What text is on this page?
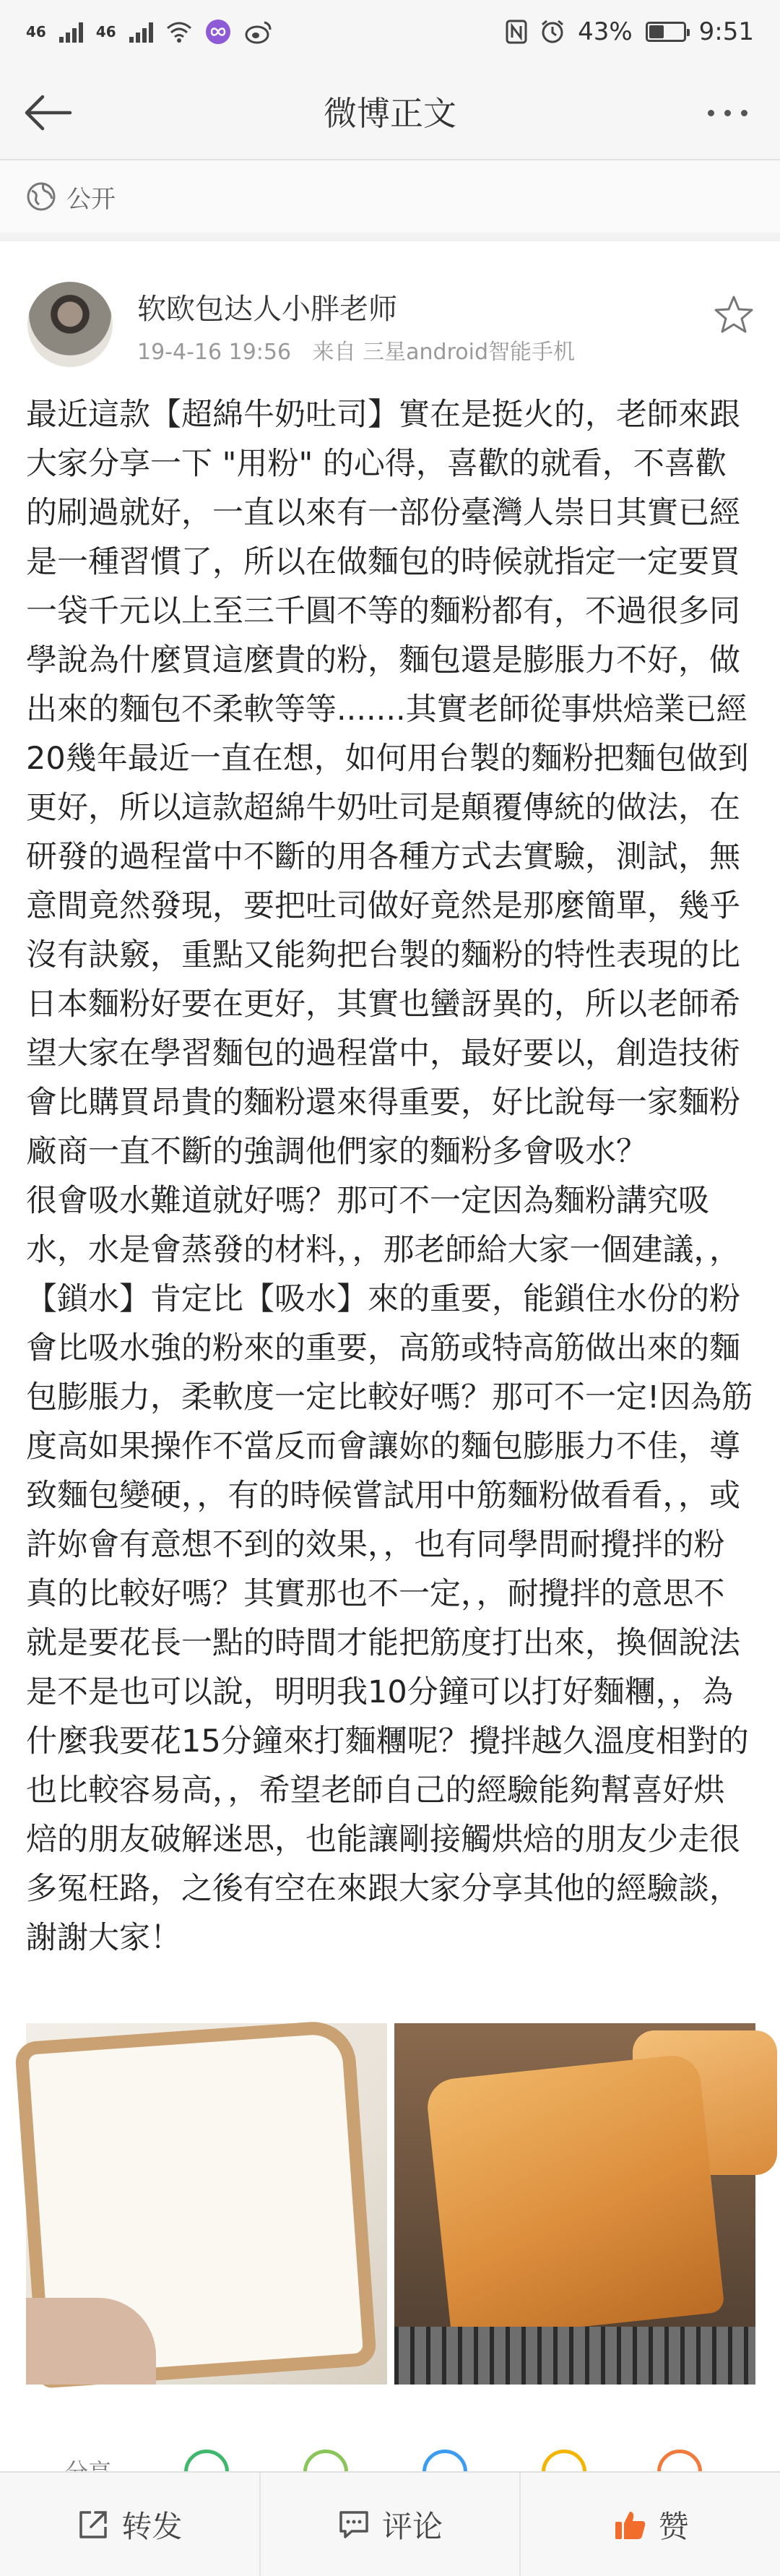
46	46	43%	9:51
微博正文
公开
软欧包达人小胖老师
19-4-16 19:56 来自 三星android智能手机
最近這款【超綿牛奶吐司】實在是挺火的，老師來跟大家分享一下 "用粉" 的心得，喜歡的就看，不喜歡的刷過就好，一直以來有一部份臺灣人崇日其實已經是一種習慣了，所以在做麵包的時候就指定一定要買一袋千元以上至三千圓不等的麵粉都有，不過很多同學說為什麼買這麼貴的粉，麵包還是膨脹力不好，做出來的麵包不柔軟等等.......其實老師從事烘焙業已經20幾年最近一直在想，如何用台製的麵粉把麵包做到更好，所以這款超綿牛奶吐司是顛覆傳統的做法，在研發的過程當中不斷的用各種方式去實驗，測試，無意間竟然發現，要把吐司做好竟然是那麼簡單，幾乎沒有訣竅，重點又能夠把台製的麵粉的特性表現的比日本麵粉好要在更好，其實也蠻訝異的，所以老師希望大家在學習麵包的過程當中，最好要以，創造技術會比購買昂貴的麵粉還來得重要，好比說每一家麵粉廠商一直不斷的強調他們家的麵粉多會吸水？
很會吸水難道就好嗎？那可不一定因為麵粉講究吸水，水是會蒸發的材料，，那老師給大家一個建議，，【鎖水】肯定比【吸水】來的重要，能鎖住水份的粉會比吸水強的粉來的重要，高筋或特高筋做出來的麵包膨脹力，柔軟度一定比較好嗎？那可不一定!因為筋度高如果操作不當反而會讓妳的麵包膨脹力不佳，導致麵包變硬，，有的時候嘗試用中筋麵粉做看看，，或許妳會有意想不到的效果，，也有同學問耐攪拌的粉真的比較好嗎？其實那也不一定，，耐攪拌的意思不就是要花長一點的時間才能把筋度打出來，換個說法是不是也可以說，明明我10分鐘可以打好麵糰，，為什麼我要花15分鐘來打麵糰呢？攪拌越久溫度相對的也比較容易高，，希望老師自己的經驗能夠幫喜好烘焙的朋友破解迷思，也能讓剛接觸烘焙的朋友少走很多冤枉路，之後有空在來跟大家分享其他的經驗談，謝謝大家！
转发	评论	赞
